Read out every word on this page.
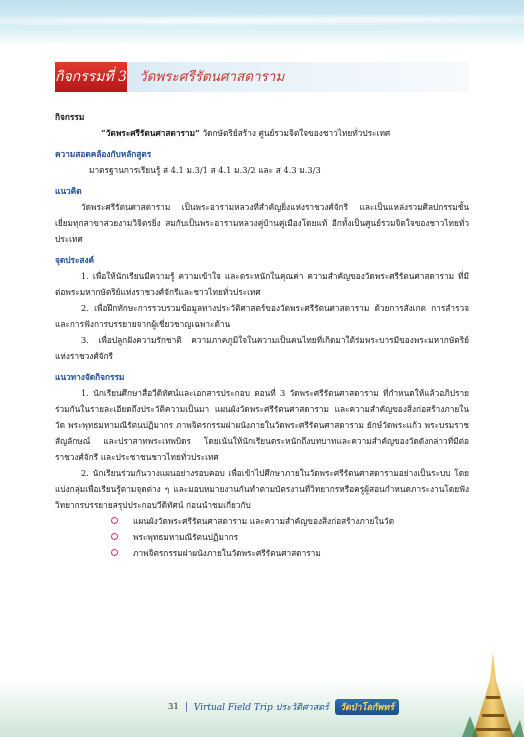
กิจกรรมที่ 3 วัดพระศรีรัตนศาสดาราม
กิจกรรม
“วัดพระศรีรัตนศาสดาราม” วัดกษัตริย์สร้าง ศูนย์รวมจิตใจของชาวไทยทั่วประเทศ
ความสอดคล้องกับหลักสูตร
มาตรฐานการเรียนรู้ ส 4.1 ม.3/1 ส 4.1 ม.3/2 และ ส 4.3 ม.3/3
แนวคิด
วัดพระศรีรัตนศาสดาราม เป็นพระอารามหลวงที่สำคัญยิ่งแห่งราชวงศ์จักรี และเป็นแหล่งรวมศิลปกรรมชั้นเยี่ยมทุกสาขาสวยงามวิจิตรยิ่ง สมกับเป็นพระอารามหลวงคู่บ้านคู่เมืองโดยแท้ อีกทั้งเป็นศูนย์รวมจิตใจของชาวไทยทั่วประเทศ
จุดประสงค์
1. เพื่อให้นักเรียนมีความรู้ ความเข้าใจ และตระหนักในคุณค่า ความสำคัญของวัดพระศรีรัตนศาสดาราม ที่มีต่อพระมหากษัตริย์แห่งราชวงศ์จักรีและชาวไทยทั่วประเทศ
2. เพื่อฝึกทักษะการรวบรวมข้อมูลทางประวัติศาสตร์ของวัดพระศรีรัตนศาสดาราม ด้วยการสังเกต การสำรวจ และการฟังการบรรยายจากผู้เชี่ยวชาญเฉพาะด้าน
3. เพื่อปลูกฝังความรักชาติ ความภาคภูมิใจในความเป็นคนไทยที่เกิดมาใต้ร่มพระบารมีของพระมหากษัตริย์แห่งราชวงศ์จักรี
แนวทางจัดกิจกรรม
1. นักเรียนศึกษาสื่อวีดิทัศน์และเอกสารประกอบ ตอนที่ 3 วัดพระศรีรัตนศาสดาราม ที่กำหนดให้แล้วอภิปรายร่วมกันในรายละเอียดถึงประวัติความเป็นมา แผนผังวัดพระศรีรัตนศาสดาราม และความสำคัญของสิ่งก่อสร้างภายในวัด พระพุทธมหามณีรัตนปฏิมากร ภาพจิตรกรรมฝาผนังภายในวัดพระศรีรัตนศาสดาราม ยักษ์วัดพระแก้ว พระบรมราชสัญลักษณ์ และปราสาทพระเทพบิดร โดยเน้นให้นักเรียนตระหนักถึงบทบาทและความสำคัญของวัดดังกล่าวที่มีต่อราชวงศ์จักรี และประชาชนชาวไทยทั่วประเทศ
2. นักเรียนร่วมกันวางแผนอย่างรอบคอบ เพื่อเข้าไปศึกษาภายในวัดพระศรีรัตนศาสดารามอย่างเป็นระบบ โดยแบ่งกลุ่มเพื่อเรียนรู้ตามจุดต่าง ๆ และมอบหมายงานกันทำตามบัตรงานที่วิทยากรหรือครูผู้สอนกำหนดภาระงานโดยฟังวิทยากรบรรยายสรุปประกอบวีดิทัศน์ ก่อนนำชมเกี่ยวกับ
แผนผังวัดพระศรีรัตนศาสดาราม และความสำคัญของสิ่งก่อสร้างภายในวัด
พระพุทธมหามณีรัตนปฏิมากร
ภาพจิตรกรรมฝาผนังภายในวัดพระศรีรัตนศาสดาราม
31 | Virtual Field Trip ประวัติศาสตร์	วัดป่าโลกัพทร์
